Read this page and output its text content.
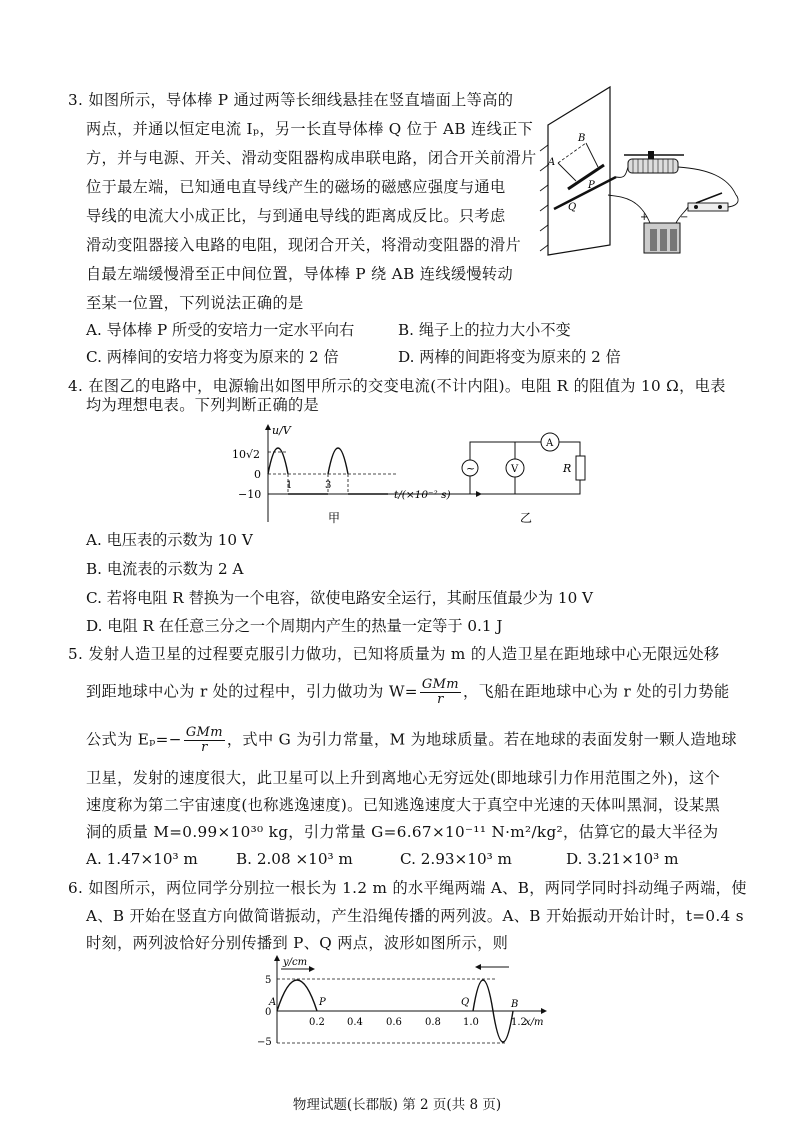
3. 如图所示，导体棒 P 通过两等长细线悬挂在竖直墙面上等高的
两点，并通以恒定电流 Iₚ，另一长直导体棒 Q 位于 AB 连线正下
方，并与电源、开关、滑动变阻器构成串联电路，闭合开关前滑片
位于最左端，已知通电直导线产生的磁场的磁感应强度与通电
导线的电流大小成正比，与到通电导线的距离成反比。只考虑
滑动变阻器接入电路的电阻，现闭合开关，将滑动变阻器的滑片
自最左端缓慢滑至正中间位置，导体棒 P 绕 AB 连线缓慢转动
至某一位置，下列说法正确的是
A. 导体棒 P 所受的安培力一定水平向右	B. 绳子上的拉力大小不变
C. 两棒间的安培力将变为原来的 2 倍	D. 两棒的间距将变为原来的 2 倍
A
B
P
Q
+	−
4. 在图乙的电路中，电源输出如图甲所示的交变电流(不计内阻)。电阻 R 的阻值为 10 Ω，电表
均为理想电表。下列判断正确的是
u/V
10√2
0
−10
1	3
t/(×10⁻² s)
甲
~	V
A
R
乙
A. 电压表的示数为 10 V
B. 电流表的示数为 2 A
C. 若将电阻 R 替换为一个电容，欲使电路安全运行，其耐压值最少为 10 V
D. 电阻 R 在任意三分之一个周期内产生的热量一定等于 0.1 J
5. 发射人造卫星的过程要克服引力做功，已知将质量为 m 的人造卫星在距地球中心无限远处移
到距地球中心为 r 处的过程中，引力做功为 W= GMm
r	，飞船在距地球中心为 r 处的引力势能
公式为 Eₚ=− GMm
r	，式中 G 为引力常量，M 为地球质量。若在地球的表面发射一颗人造地球
卫星，发射的速度很大，此卫星可以上升到离地心无穷远处(即地球引力作用范围之外)，这个
速度称为第二宇宙速度(也称逃逸速度)。已知逃逸速度大于真空中光速的天体叫黑洞，设某黑
洞的质量 M=0.99×10³⁰ kg，引力常量 G=6.67×10⁻¹¹ N·m²/kg²，估算它的最大半径为
A. 1.47×10³ m	B. 2.08 ×10³ m	C. 2.93×10³ m	D. 3.21×10³ m
6. 如图所示，两位同学分别拉一根长为 1.2 m 的水平绳两端 A、B，两同学同时抖动绳子两端，使
A、B 开始在竖直方向做简谐振动，产生沿绳传播的两列波。A、B 开始振动开始计时，t=0.4 s
时刻，两列波恰好分别传播到 P、Q 两点，波形如图所示，则
y/cm
x/m
5
0
−5
0.2 0.4 0.6 0.8 1.0	1.2
A	P	Q	B
物理试题(长郡版) 第 2 页(共 8 页)
